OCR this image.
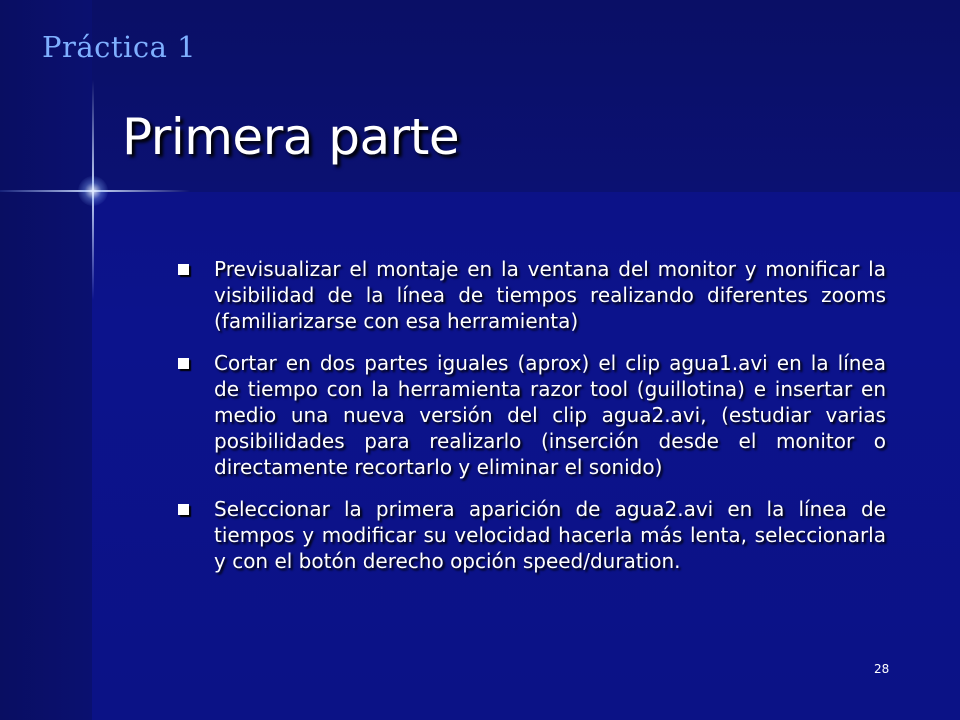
Práctica 1
Primera parte
Previsualizar el montaje en la ventana del monitor y monificar la visibilidad de la línea de tiempos realizando diferentes zooms (familiarizarse con esa herramienta)
Cortar en dos partes iguales (aprox) el clip agua1.avi en la línea de tiempo con la herramienta razor tool (guillotina) e insertar en medio una nueva versión del clip agua2.avi, (estudiar varias posibilidades para realizarlo (inserción desde el monitor o directamente recortarlo y eliminar el sonido)
Seleccionar la primera aparición de agua2.avi en la línea de tiempos y modificar su velocidad hacerla más lenta, seleccionarla y con el botón derecho opción speed/duration.
28
